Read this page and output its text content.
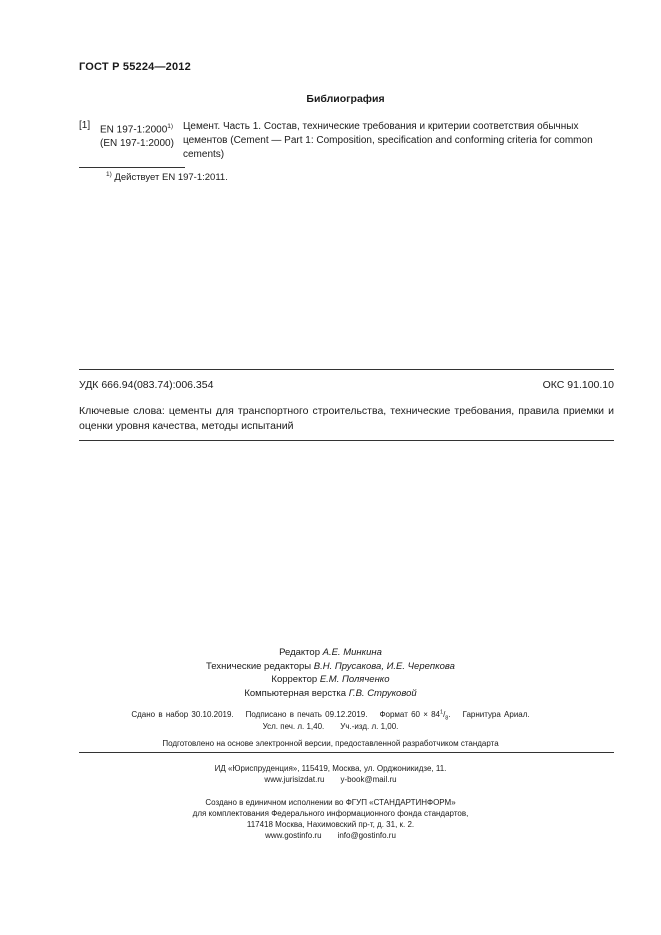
ГОСТ Р 55224—2012
Библиография
[1] EN 197-1:2000$^{1)}$
(EN 197-1:2000)
Цемент. Часть 1. Состав, технические требования и критерии соответствия обычных цементов (Cement — Part 1: Composition, specification and conforming criteria for common cements)
$^{1)}$ Действует EN 197-1:2011.
УДК 666.94(083.74):006.354	ОКС 91.100.10
Ключевые слова: цементы для транспортного строительства, технические требования, правила приемки и оценки уровня качества, методы испытаний
Редактор А.Е. Минкина
Технические редакторы В.Н. Прусакова, И.Е. Черепкова
Корректор Е.М. Поляченко
Компьютерная верстка Г.В. Струковой
Сдано в набор 30.10.2019. Подписано в печать 09.12.2019. Формат $60 \times 84^1/_8$. Гарнитура Ариал.
Усл. печ. л. 1,40. Уч.-изд. л. 1,00.
Подготовлено на основе электронной версии, предоставленной разработчиком стандарта
ИД «Юриспруденция», 115419, Москва, ул. Орджоникидзе, 11.
www.jurisizdat.ru y-book@mail.ru
Создано в единичном исполнении во ФГУП «СТАНДАРТИНФОРМ»
для комплектования Федерального информационного фонда стандартов,
117418 Москва, Нахимовский пр-т, д. 31, к. 2.
www.gostinfo.ru info@gostinfo.ru
